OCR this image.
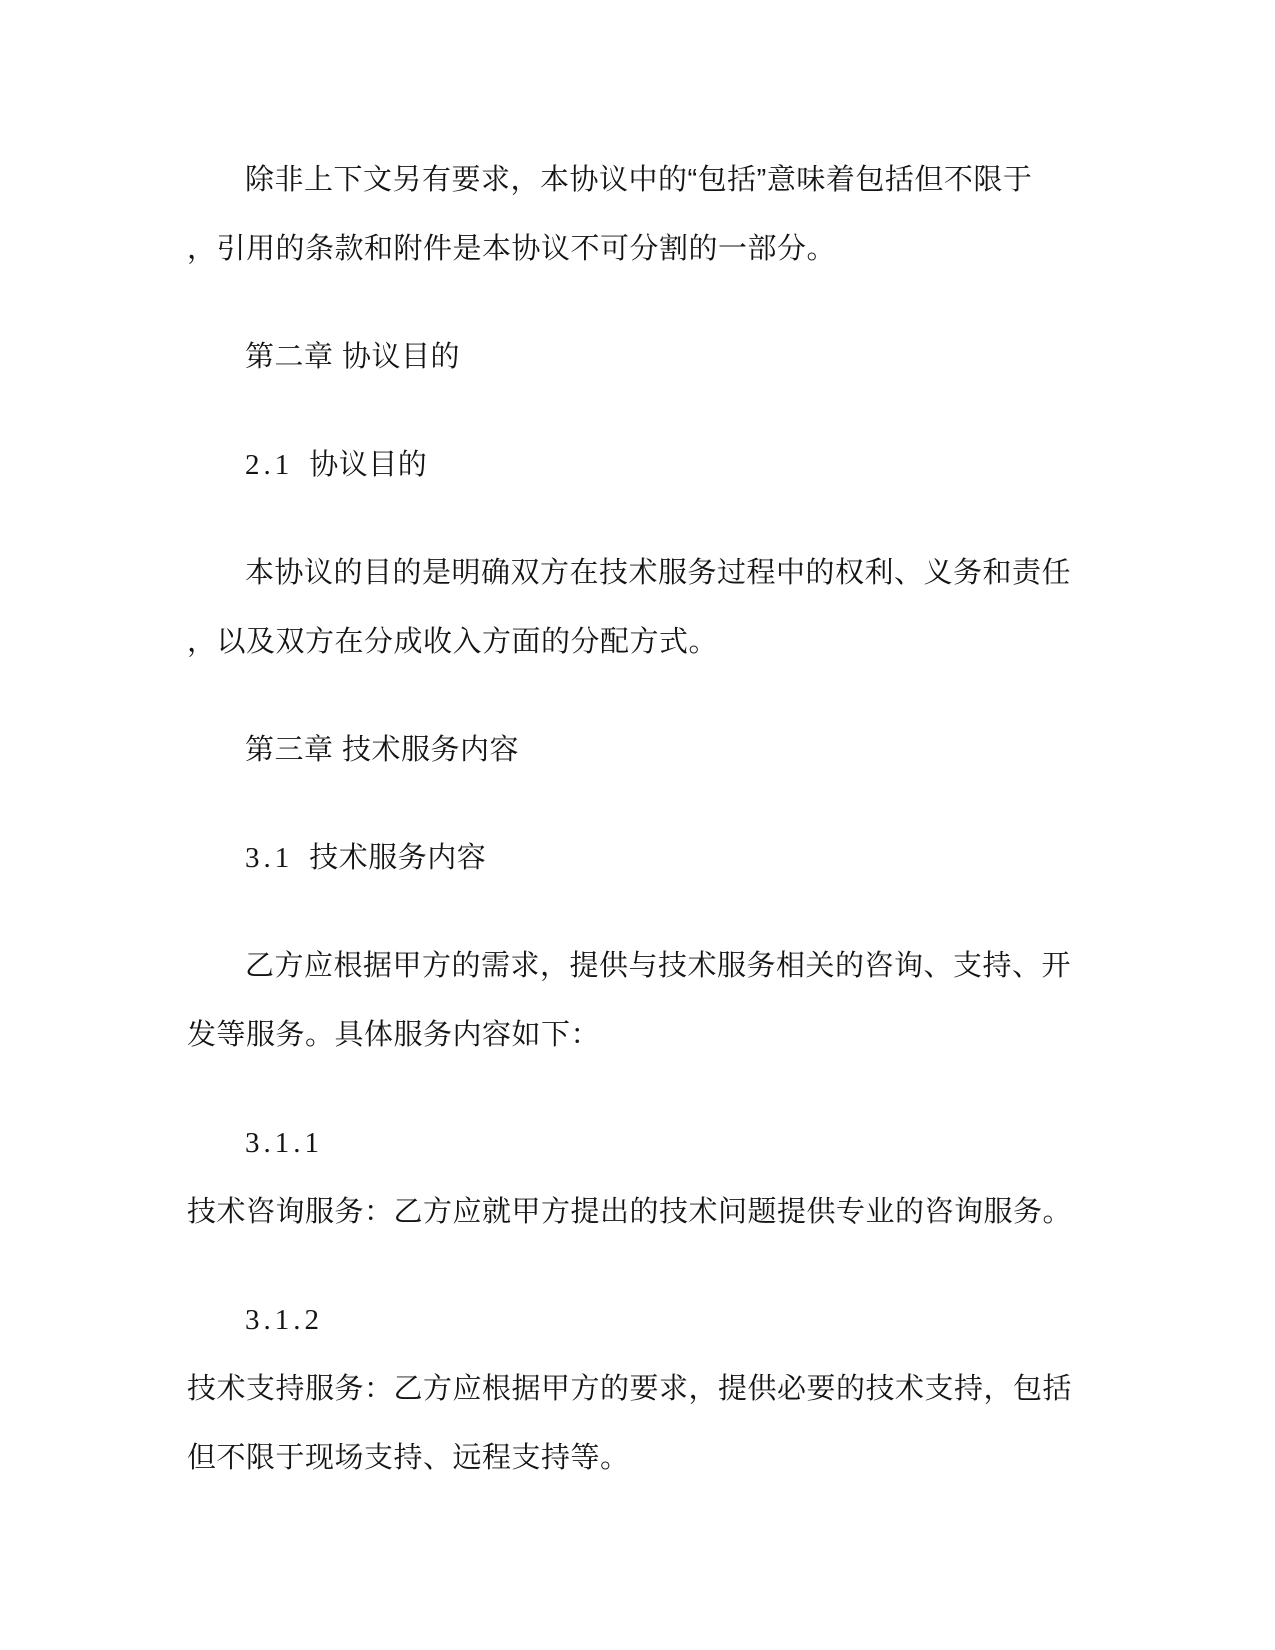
除非上下文另有要求，本协议中的“包括”意味着包括但不限于
，引用的条款和附件是本协议不可分割的一部分。
第二章 协议目的
2.1 协议目的
本协议的目的是明确双方在技术服务过程中的权利、义务和责任
，以及双方在分成收入方面的分配方式。
第三章 技术服务内容
3.1 技术服务内容
乙方应根据甲方的需求，提供与技术服务相关的咨询、支持、开
发等服务。具体服务内容如下：
3.1.1
技术咨询服务：乙方应就甲方提出的技术问题提供专业的咨询服务。
3.1.2
技术支持服务：乙方应根据甲方的要求，提供必要的技术支持，包括
但不限于现场支持、远程支持等。
